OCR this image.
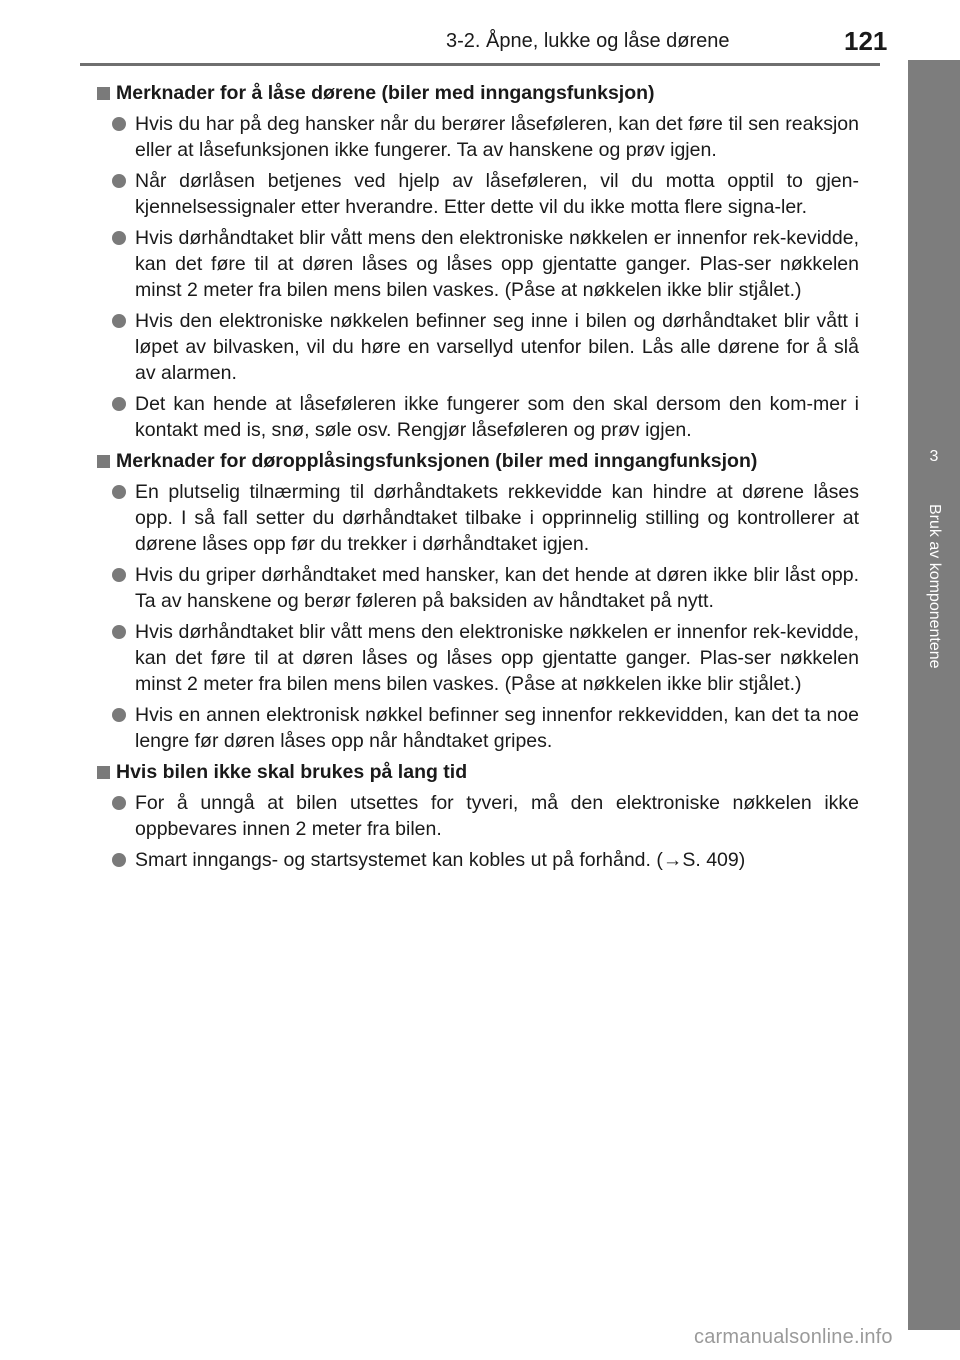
3-2. Åpne, lukke og låse dørene	121
3
Bruk av komponentene
Merknader for å låse dørene (biler med inngangsfunksjon)
Hvis du har på deg hansker når du berører låseføleren, kan det føre til sen reaksjon eller at låsefunksjonen ikke fungerer. Ta av hanskene og prøv igjen.
Når dørlåsen betjenes ved hjelp av låseføleren, vil du motta opptil to gjen-kjennelsessignaler etter hverandre. Etter dette vil du ikke motta flere signa-ler.
Hvis dørhåndtaket blir vått mens den elektroniske nøkkelen er innenfor rek-kevidde, kan det føre til at døren låses og låses opp gjentatte ganger. Plas-ser nøkkelen minst 2 meter fra bilen mens bilen vaskes. (Påse at nøkkelen ikke blir stjålet.)
Hvis den elektroniske nøkkelen befinner seg inne i bilen og dørhåndtaket blir vått i løpet av bilvasken, vil du høre en varsellyd utenfor bilen. Lås alle dørene for å slå av alarmen.
Det kan hende at låseføleren ikke fungerer som den skal dersom den kom-mer i kontakt med is, snø, søle osv. Rengjør låseføleren og prøv igjen.
Merknader for døropplåsingsfunksjonen (biler med inngangfunksjon)
En plutselig tilnærming til dørhåndtakets rekkevidde kan hindre at dørene låses opp. I så fall setter du dørhåndtaket tilbake i opprinnelig stilling og kontrollerer at dørene låses opp før du trekker i dørhåndtaket igjen.
Hvis du griper dørhåndtaket med hansker, kan det hende at døren ikke blir låst opp. Ta av hanskene og berør føleren på baksiden av håndtaket på nytt.
Hvis dørhåndtaket blir vått mens den elektroniske nøkkelen er innenfor rek-kevidde, kan det føre til at døren låses og låses opp gjentatte ganger. Plas-ser nøkkelen minst 2 meter fra bilen mens bilen vaskes. (Påse at nøkkelen ikke blir stjålet.)
Hvis en annen elektronisk nøkkel befinner seg innenfor rekkevidden, kan det ta noe lengre før døren låses opp når håndtaket gripes.
Hvis bilen ikke skal brukes på lang tid
For å unngå at bilen utsettes for tyveri, må den elektroniske nøkkelen ikke oppbevares innen 2 meter fra bilen.
Smart inngangs- og startsystemet kan kobles ut på forhånd. (→S. 409)
carmanualsonline.info
